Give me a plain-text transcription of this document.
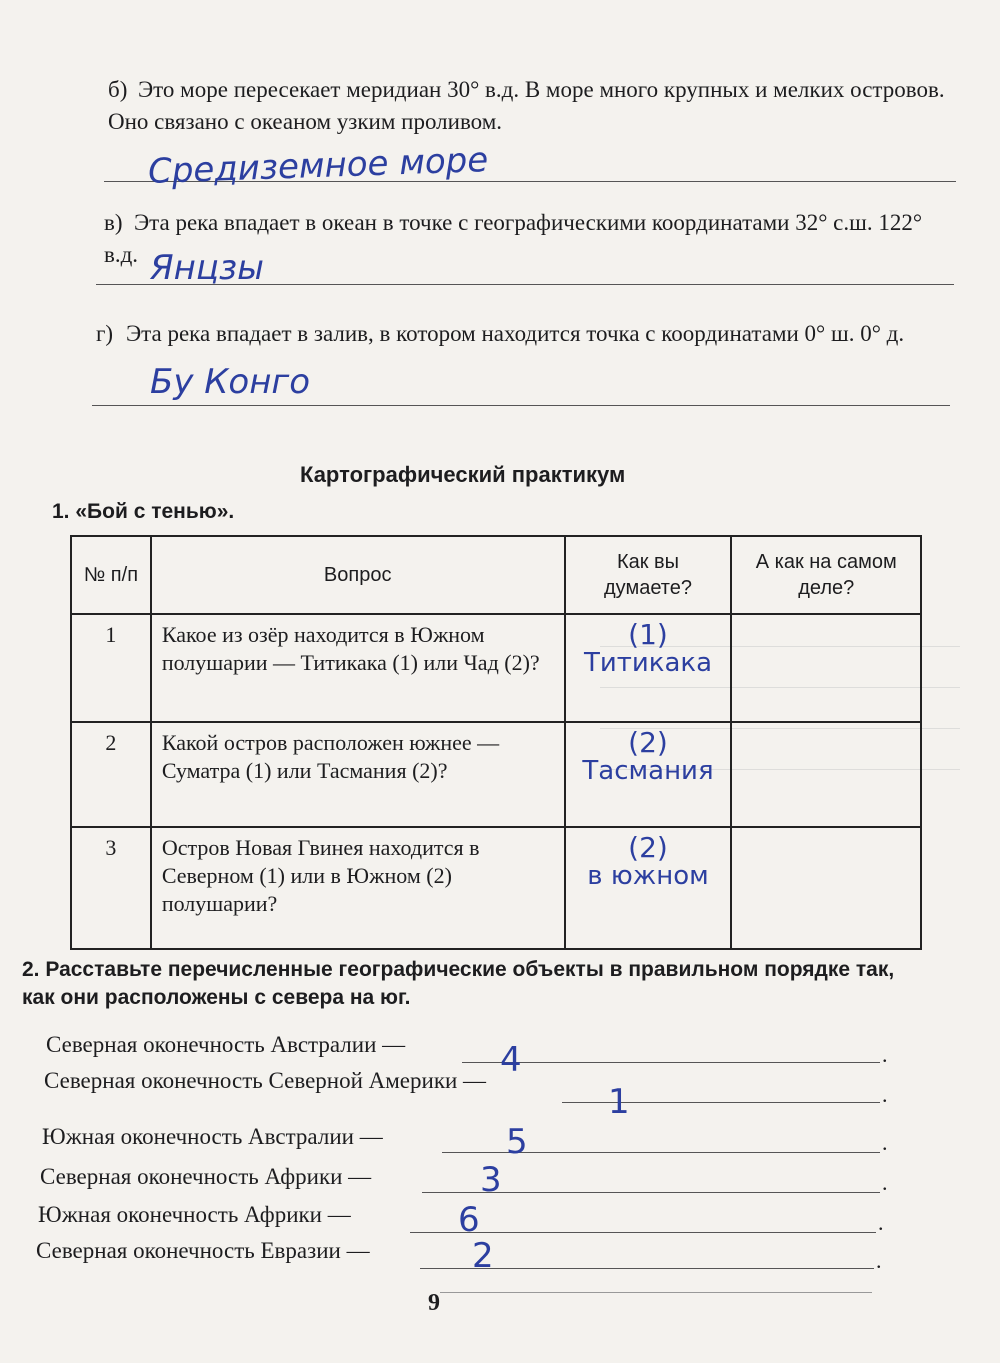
б) Это море пересекает меридиан 30° в.д. В море много крупных и мелких островов. Оно связано с океаном узким проливом.
Средиземное море
в) Эта река впадает в океан в точке с географическими координатами 32° с.ш. 122° в.д. Янцзы
г) Эта река впадает в залив, в котором находится точка с координатами 0° ш. 0° д.
Бу Конго
Картографический практикум
1. «Бой с тенью».
№ п/п	Вопрос	Как вы думаете?	А как на самом деле?
1	Какое из озёр находится в Южном полушарии — Титикака (1) или Чад (2)?	(1)
Титикака	

2	Какой остров расположен южнее — Суматра (1) или Тасмания (2)?	(2)
Тасмания	

3	Остров Новая Гвинея находится в Северном (1) или в Южном (2) полушарии?	(2)
в южном	

2. Расставьте перечисленные географические объекты в правильном порядке так, как они расположены с севера на юг.
Северная оконечность Австралии —	4	.
Северная оконечность Северной Америки —
1	.
Южная оконечность Австралии —	5	.
Северная оконечность Африки —	3	.
Южная оконечность Африки —	6	.
Северная оконечность Евразии —	2	.
9
